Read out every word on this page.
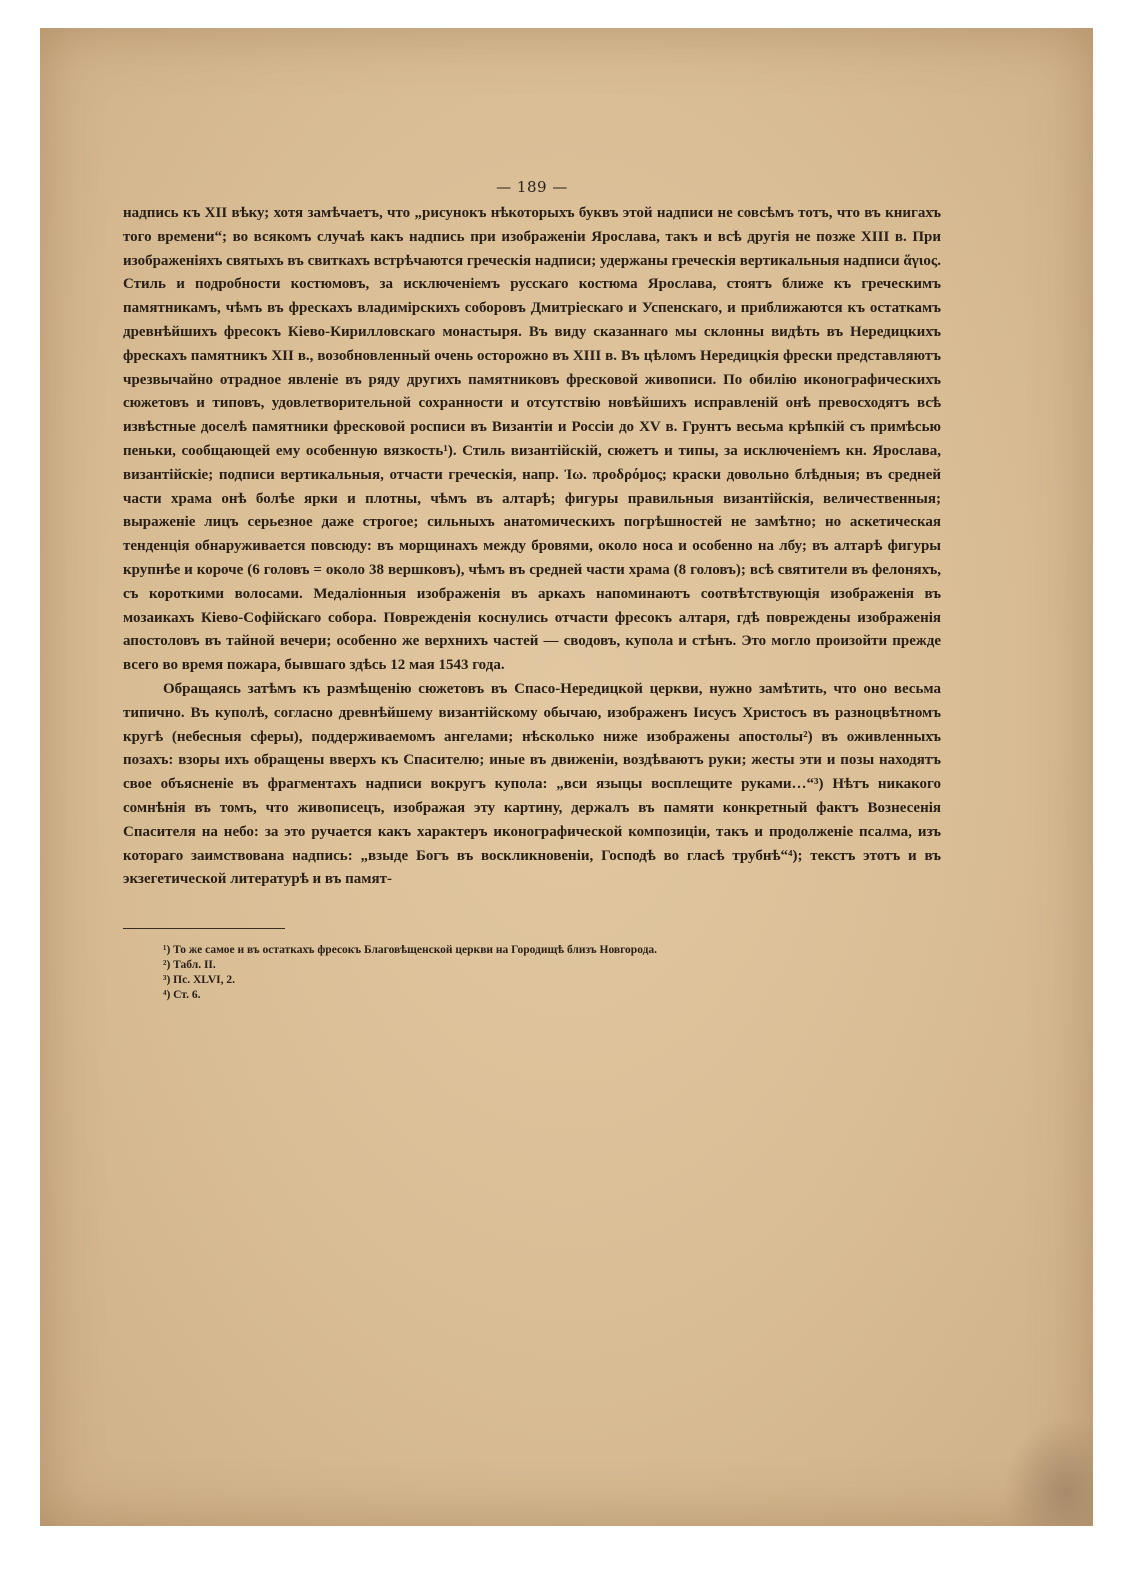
— 189 —

надпись къ XII вѣку; хотя замѣчаетъ, что „рисунокъ нѣкоторыхъ буквъ этой надписи не совсѣмъ тотъ, что въ книгахъ того времени“; во всякомъ случаѣ какъ надпись при изображеніи Ярослава, такъ и всѣ другія не позже XIII в. При изображеніяхъ святыхъ въ свиткахъ встрѣчаются греческія надписи; удержаны греческія вертикальныя надписи ἅγιος. Стиль и подробности костюмовъ, за исключеніемъ русскаго костюма Ярослава, стоятъ ближе къ греческимъ памятникамъ, чѣмъ въ фрескахъ владимірскихъ соборовъ Дмитріескаго и Успенскаго, и приближаются къ остаткамъ древнѣйшихъ фресокъ Кіево-Кирилловскаго монастыря. Въ виду сказаннаго мы склонны видѣть въ Нередицкихъ фрескахъ памятникъ XII в., возобновленный очень осторожно въ XIII в. Въ цѣломъ Нередицкія фрески представляютъ чрезвычайно отрадное явленіе въ ряду другихъ памятниковъ фресковой живописи. По обилію иконографическихъ сюжетовъ и типовъ, удовлетворительной сохранности и отсутствію новѣйшихъ исправленій онѣ превосходятъ всѣ извѣстные доселѣ памятники фресковой росписи въ Византіи и Россіи до XV в. Грунтъ весьма крѣпкій съ примѣсью пеньки, сообщающей ему особенную вязкость¹). Стиль византійскій, сюжетъ и типы, за исключеніемъ кн. Ярослава, византійскіе; подписи вертикальныя, отчасти греческія, напр. Ἰω. προδρόμος; краски довольно блѣдныя; въ средней части храма онѣ болѣе ярки и плотны, чѣмъ въ алтарѣ; фигуры правильныя византійскія, величественныя; выраженіе лицъ серьезное даже строгое; сильныхъ анатомическихъ погрѣшностей не замѣтно; но аскетическая тенденція обнаруживается повсюду: въ морщинахъ между бровями, около носа и особенно на лбу; въ алтарѣ фигуры крупнѣе и короче (6 головъ = около 38 вершковъ), чѣмъ въ средней части храма (8 головъ); всѣ святители въ фелоняхъ, съ короткими волосами. Медаліонныя изображенія въ аркахъ напоминаютъ соотвѣтствующія изображенія въ мозаикахъ Кіево-Софійскаго собора. Поврежденія коснулись отчасти фресокъ алтаря, гдѣ повреждены изображенія апостоловъ въ тайной вечери; особенно же верхнихъ частей — сводовъ, купола и стѣнъ. Это могло произойти прежде всего во время пожара, бывшаго здѣсь 12 мая 1543 года.

Обращаясь затѣмъ къ размѣщенію сюжетовъ въ Спасо-Нередицкой церкви, нужно замѣтить, что оно весьма типично. Въ куполѣ, согласно древнѣйшему византійскому обычаю, изображенъ Іисусъ Христосъ въ разноцвѣтномъ кругѣ (небесныя сферы), поддерживаемомъ ангелами; нѣсколько ниже изображены апостолы²) въ оживленныхъ позахъ: взоры ихъ обращены вверхъ къ Спасителю; иные въ движеніи, воздѣваютъ руки; жесты эти и позы находятъ свое объясненіе въ фрагментахъ надписи вокругъ купола: „вси языцы восплещите руками…“³) Нѣтъ никакого сомнѣнія въ томъ, что живописецъ, изображая эту картину, держалъ въ памяти конкретный фактъ Вознесенія Спасителя на небо: за это ручается какъ характеръ иконографической композиціи, такъ и продолженіе псалма, изъ котораго заимствована надпись: „взыде Богъ въ воскликновеніи, Господѣ во гласѣ трубнѣ“⁴); текстъ этотъ и въ экзегетической литературѣ и въ памят-

¹) То же самое и въ остаткахъ фресокъ Благовѣщенской церкви на Городищѣ близъ Новгорода.

²) Табл. II.

³) Пс. XLVI, 2.

⁴) Ст. 6.
